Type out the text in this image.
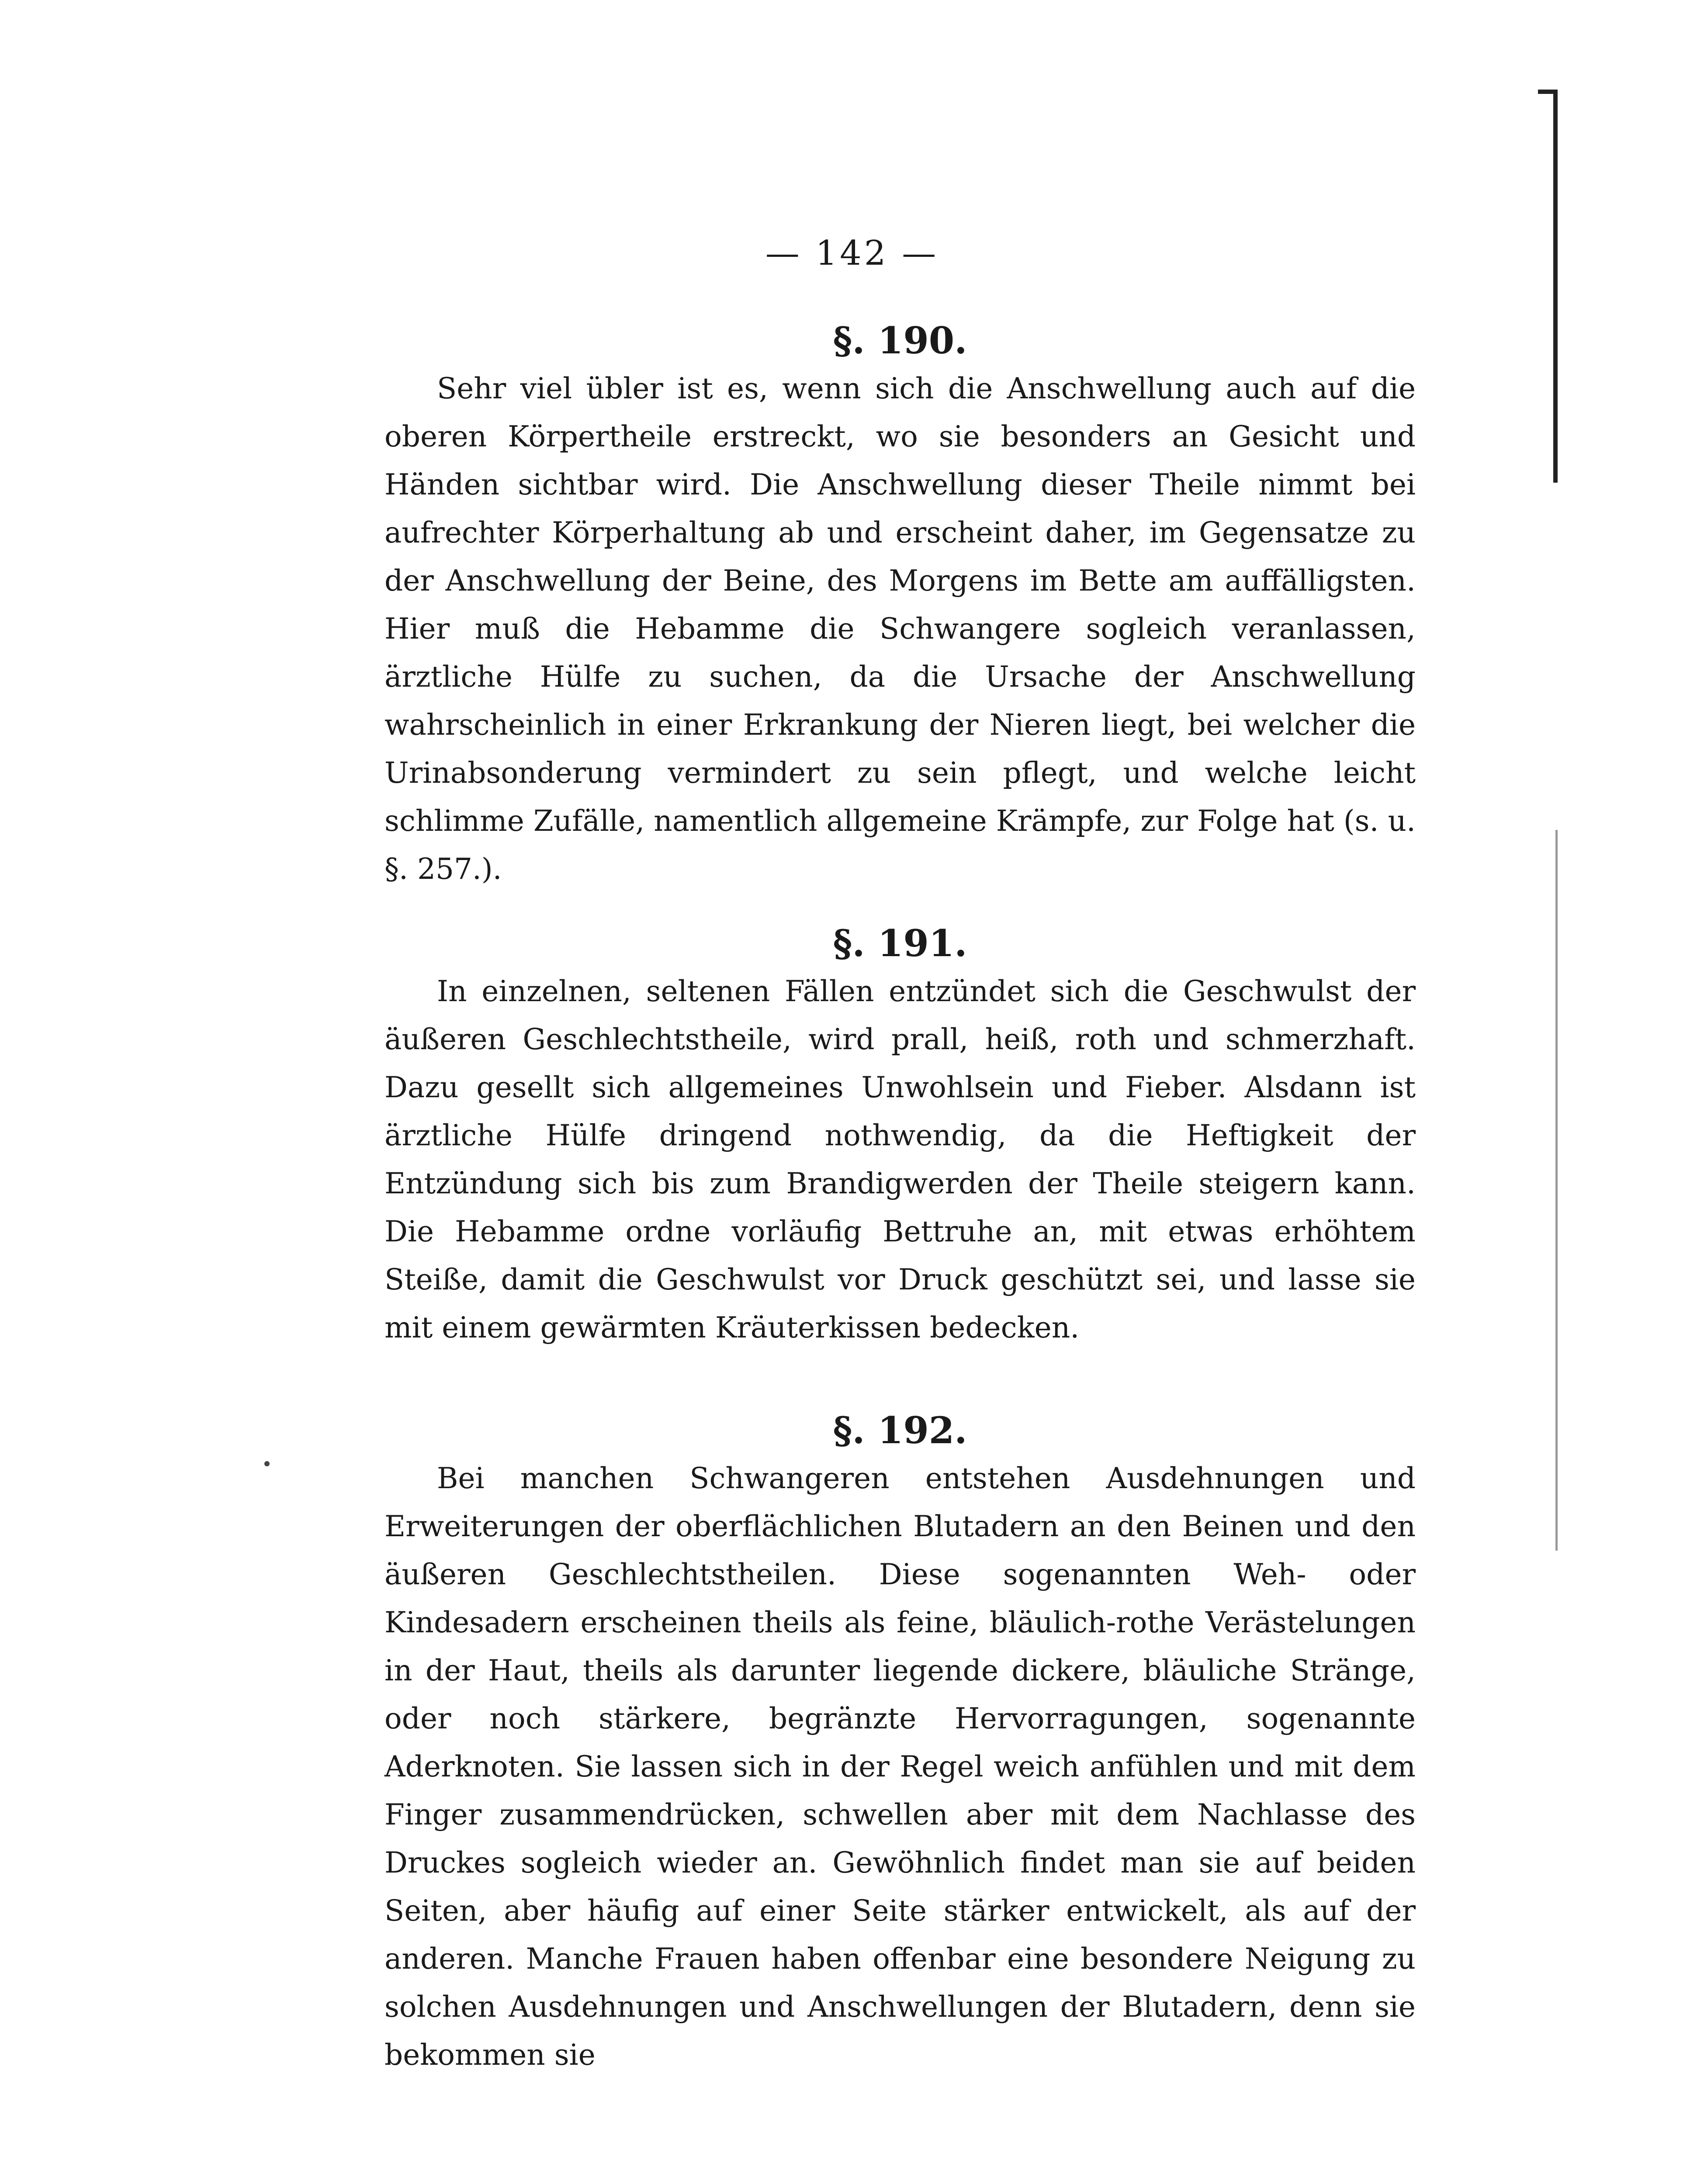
— 142 —
§. 190.

Sehr viel übler ist es, wenn sich die Anschwellung auch auf die oberen Körpertheile erstreckt, wo sie besonders an Gesicht und Händen sichtbar wird. Die Anschwellung dieser Theile nimmt bei aufrechter Körperhaltung ab und erscheint daher, im Gegensatze zu der Anschwellung der Beine, des Morgens im Bette am auffälligsten. Hier muß die Hebamme die Schwangere sogleich veranlassen, ärztliche Hülfe zu suchen, da die Ursache der Anschwellung wahrscheinlich in einer Erkrankung der Nieren liegt, bei welcher die Urinabsonderung vermindert zu sein pflegt, und welche leicht schlimme Zufälle, namentlich allgemeine Krämpfe, zur Folge hat (s. u. §. 257.).

§. 191.

In einzelnen, seltenen Fällen entzündet sich die Geschwulst der äußeren Geschlechtstheile, wird prall, heiß, roth und schmerzhaft. Dazu gesellt sich allgemeines Unwohlsein und Fieber. Alsdann ist ärztliche Hülfe dringend nothwendig, da die Heftigkeit der Entzündung sich bis zum Brandigwerden der Theile steigern kann. Die Hebamme ordne vorläufig Bettruhe an, mit etwas erhöhtem Steiße, damit die Geschwulst vor Druck geschützt sei, und lasse sie mit einem gewärmten Kräuterkissen bedecken.

§. 192.

Bei manchen Schwangeren entstehen Ausdehnungen und Erweiterungen der oberflächlichen Blutadern an den Beinen und den äußeren Geschlechtstheilen. Diese sogenannten Weh- oder Kindesadern erscheinen theils als feine, bläulich-rothe Verästelungen in der Haut, theils als darunter liegende dickere, bläuliche Stränge, oder noch stärkere, begränzte Hervorragungen, sogenannte Aderknoten. Sie lassen sich in der Regel weich anfühlen und mit dem Finger zusammendrücken, schwellen aber mit dem Nachlasse des Druckes sogleich wieder an. Gewöhnlich findet man sie auf beiden Seiten, aber häufig auf einer Seite stärker entwickelt, als auf der anderen. Manche Frauen haben offenbar eine besondere Neigung zu solchen Ausdehnungen und Anschwellungen der Blutadern, denn sie bekommen sie
